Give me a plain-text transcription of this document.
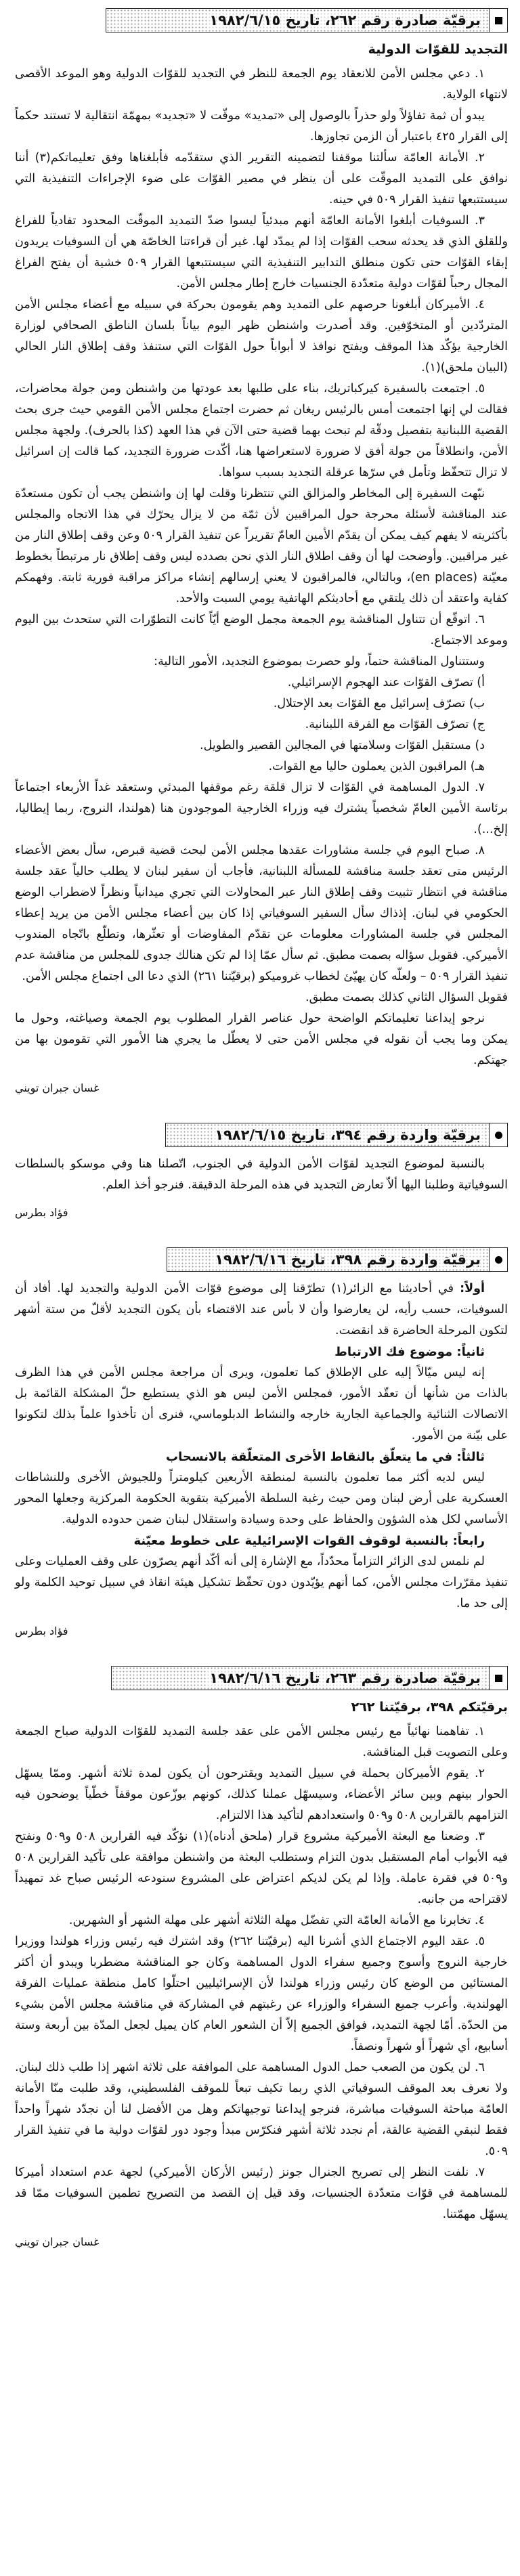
برقيّة صادرة رقم ٢٦٢، تاريخ ١٩٨٢/٦/١٥
التجديد للقوّات الدولية

١. دعي مجلس الأمن للانعقاد يوم الجمعة للنظر في التجديد للقوّات الدولية وهو الموعد الأقصى لانتهاء الولاية.

يبدو أن ثمة تفاؤلاً ولو حذراً بالوصول إلى «تمديد» موقّت لا «تجديد» بمهمّة انتقالية لا تستند حكماً إلى القرار ٤٢٥ باعتبار أن الزمن تجاوزها.

٢. الأمانة العامّة سألتنا موقفنا لتضمينه التقرير الذي ستقدّمه فأبلغناها وفق تعليماتكم(٣) أننا نوافق على التمديد الموقّت على أن ينظر في مصير القوّات على ضوء الإجراءات التنفيذية التي سيستتبعها تنفيذ القرار ٥٠٩ في حينه.

٣. السوفيات أبلغوا الأمانة العامّة أنهم مبدئياً ليسوا ضدّ التمديد الموقّت المحدود تفادياً للفراغ وللقلق الذي قد يحدثه سحب القوّات إذا لم يمدّد لها. غير أن قراءتنا الخاصّة هي أن السوفيات يريدون إبقاء القوّات حتى تكون منطلق التدابير التنفيذية التي سيستتبعها القرار ٥٠٩ خشية أن يفتح الفراغ المجال رحباً لقوّات دولية متعدّدة الجنسيات خارج إطار مجلس الأمن.

٤. الأميركان أبلغونا حرصهم على التمديد وهم يقومون بحركة في سبيله مع أعضاء مجلس الأمن المتردّدين أو المتخوّفين. وقد أصدرت واشنطن ظهر اليوم بياناً بلسان الناطق الصحافي لوزارة الخارجية يؤكّد هذا الموقف ويفتح نوافذ لا أبواباً حول القوّات التي ستنفذ وقف إطلاق النار الحالي (البيان ملحق)(١).

٥. اجتمعت بالسفيرة كيركباتريك، بناء على طلبها بعد عودتها من واشنطن ومن جولة محاضرات، فقالت لي إنها اجتمعت أمس بالرئيس ريغان ثم حضرت اجتماع مجلس الأمن القومي حيث جرى بحث القضية اللبنانية بتفصيل ودقّة لم تبحث بهما قضية حتى الآن في هذا العهد (كذا بالحرف). ولجهة مجلس الأمن، وانطلاقاً من جولة أفق لا ضرورة لاستعراضها هنا، أكّدت ضرورة التجديد، كما قالت إن اسرائيل لا تزال تتحفّظ وتأمل في سرّها عرقلة التجديد بسبب سواها.

نبّهت السفيرة إلى المخاطر والمزالق التي تنتظرنا وقلت لها إن واشنطن يجب أن تكون مستعدّة عند المناقشة لأسئلة محرجة حول المراقبين لأن ثمّة من لا يزال يحرّك في هذا الاتجاه والمجلس بأكثريته لا يفهم كيف يمكن أن يقدّم الأمين العامّ تقريراً عن تنفيذ القرار ٥٠٩ وعن وقف إطلاق النار من غير مراقبين. وأوضحت لها أن وقف اطلاق النار الذي نحن بصدده ليس وقف إطلاق نار مرتبطاً بخطوط معيّنة (en places)، وبالتالي، فالمراقبون لا يعني إرسالهم إنشاء مراكز مراقبة فورية ثابتة. وفهمكم كفاية واعتقد أن ذلك يلتقي مع أحاديثكم الهاتفية يومي السبت والأحد.

٦. اتوقّع أن تتناول المناقشة يوم الجمعة مجمل الوضع أيّاً كانت التطوّرات التي ستحدث بين اليوم وموعد الاجتماع.

وستتناول المناقشة حتماً، ولو حصرت بموضوع التجديد، الأمور التالية:

أ) تصرّف القوّات عند الهجوم الإسرائيلي.
ب) تصرّف إسرائيل مع القوّات بعد الإحتلال.
ج) تصرّف القوّات مع الفرقة اللبنانية.
د) مستقبل القوّات وسلامتها في المجالين القصير والطويل.
هـ) المراقبون الذين يعملون حاليا مع القوات.

٧. الدول المساهمة في القوّات لا تزال قلقة رغم موقفها المبدئي وستعقد غداً الأربعاء اجتماعاً برئاسة الأمين العامّ شخصياً يشترك فيه وزراء الخارجية الموجودون هنا (هولندا، النروج، ربما إيطاليا، إلخ...).

٨. صباح اليوم في جلسة مشاورات عقدها مجلس الأمن لبحث قضية قبرص، سأل بعض الأعضاء الرئيس متى تعقد جلسة مناقشة للمسألة اللبنانية، فأجاب أن سفير لبنان لا يطلب حالياً عقد جلسة مناقشة في انتظار تثبيت وقف إطلاق النار عبر المحاولات التي تجري ميدانياً ونظراً لاضطراب الوضع الحكومي في لبنان. إذذاك سأل السفير السوفياتي إذا كان بين أعضاء مجلس الأمن من يريد إعطاء المجلس في جلسة المشاورات معلومات عن تقدّم المفاوضات أو تعثّرها، وتطلّع باتّجاه المندوب الأميركي. فقوبل سؤاله بصمت مطبق. ثم سأل عمّا إذا لم تكن هنالك جدوى للمجلس من مناقشة عدم تنفيذ القرار ٥٠٩ – ولعلّه كان يهيّئ لخطاب غروميكو (برقيّتنا ٢٦١) الذي دعا الى اجتماع مجلس الأمن.

فقوبل السؤال الثاني كذلك بصمت مطبق.

نرجو إيداعنا تعليماتكم الواضحة حول عناصر القرار المطلوب يوم الجمعة وصياغته، وحول ما يمكن وما يجب أن نقوله في مجلس الأمن حتى لا يعطّل ما يجري هنا الأمور التي تقومون بها من جهتكم.

غسان جبران تويني
برقيّة واردة رقم ٣٩٤، تاريخ ١٩٨٢/٦/١٥

بالنسبة لموضوع التجديد لقوّات الأمن الدولية في الجنوب، اتّصلنا هنا وفي موسكو بالسلطات السوفياتية وطلبنا اليها ألاّ تعارض التجديد في هذه المرحلة الدقيقة. فنرجو أخذ العلم.

فؤاد بطرس
برقيّة واردة رقم ٣٩٨، تاريخ ١٩٨٢/٦/١٦

أولاً: في أحاديثنا مع الزائر(١) تطرّقنا إلى موضوع قوّات الأمن الدولية والتجديد لها. أفاد أن السوفيات، حسب رأيه، لن يعارضوا وأن لا بأس عند الاقتضاء بأن يكون التجديد لأقلّ من ستة أشهر لتكون المرحلة الحاضرة قد انقضت.

ثانياً: موضوع فك الارتباط

إنه ليس ميّالاً إليه على الإطلاق كما تعلمون، ويرى أن مراجعة مجلس الأمن في هذا الظرف بالذات من شأنها أن تعقّد الأمور، فمجلس الأمن ليس هو الذي يستطيع حلّ المشكلة القائمة بل الاتصالات الثنائية والجماعية الجارية خارجه والنشاط الدبلوماسي، فنرى أن تأخذوا علماً بذلك لتكونوا على بيّنة من الأمور.

ثالثاً: في ما يتعلّق بالنقاط الأخرى المتعلّقة بالانسحاب

ليس لديه أكثر مما تعلمون بالنسبة لمنطقة الأربعين كيلومتراً وللجيوش الأخرى وللنشاطات العسكرية على أرض لبنان ومن حيث رغبة السلطة الأميركية بتقوية الحكومة المركزية وجعلها المحور الأساسي لكل هذه الشؤون والحفاظ على وحدة وسيادة واستقلال لبنان ضمن حدوده الدولية.

رابعاً: بالنسبة لوقوف القوات الإسرائيلية على خطوط معيّنة

لم نلمس لدى الزائر التزاماً محدّداً، مع الإشارة إلى أنه أكّد أنهم يصرّون على وقف العمليات وعلى تنفيذ مقرّرات مجلس الأمن، كما أنهم يؤيّدون دون تحفّظ تشكيل هيئة انقاذ في سبيل توحيد الكلمة ولو إلى حد ما.

فؤاد بطرس
برقيّة صادرة رقم ٢٦٣، تاريخ ١٩٨٢/٦/١٦
برقيّتكم ٣٩٨، برقيّتنا ٢٦٢

١. تفاهمنا نهائياً مع رئيس مجلس الأمن على عقد جلسة التمديد للقوّات الدولية صباح الجمعة وعلى التصويت قبل المناقشة.

٢. يقوم الأميركان بحملة في سبيل التمديد ويقترحون أن يكون لمدة ثلاثة أشهر. وممّا يسهّل الحوار بينهم وبين سائر الأعضاء، وسيسهّل عملنا كذلك، كونهم يوزّعون موقفاً خطّياً يوضحون فيه التزامهم بالقرارين ٥٠٨ و٥٠٩ واستعدادهم لتأكيد هذا الالتزام.

٣. وضعنا مع البعثة الأميركية مشروع قرار (ملحق أدناه)(١) نؤكّد فيه القرارين ٥٠٨ و٥٠٩ ونفتح فيه الأبواب أمام المستقبل بدون التزام وستطلب البعثة من واشنطن موافقة على تأكيد القرارين ٥٠٨ و٥٠٩ في فقرة عاملة. وإذا لم يكن لديكم اعتراض على المشروع سنودعه الرئيس صباح غد تمهيداً لاقتراحه من جانبه.

٤. تخابرنا مع الأمانة العامّة التي تفضّل مهلة الثلاثة أشهر على مهلة الشهر أو الشهرين.

٥. عقد اليوم الاجتماع الذي أشرنا اليه (برقيّتنا ٢٦٢) وقد اشترك فيه رئيس وزراء هولندا ووزيرا خارجية النروج وأسوج وجميع سفراء الدول المساهمة وكان جو المناقشة مضطربا ويبدو أن أكثر المستائين من الوضع كان رئيس وزراء هولندا لأن الإسرائيليين احتلّوا كامل منطقة عمليات الفرقة الهولندية. وأعرب جميع السفراء والوزراء عن رغبتهم في المشاركة في مناقشة مجلس الأمن بشيء من الحدّة. أمّا لجهة التمديد، فوافق الجميع إلاّ أن الشعور العام كان يميل لجعل المدّة بين أربعة وستة أسابيع، أي شهراً أو شهراً ونصفاً.

٦. لن يكون من الصعب حمل الدول المساهمة على الموافقة على ثلاثة اشهر إذا طلب ذلك لبنان. ولا نعرف بعد الموقف السوفياتي الذي ربما تكيف تبعاً للموقف الفلسطيني، وقد طلبت منّا الأمانة العامّة مباحثة السوفيات مباشرة، فنرجو إيداعنا توجيهاتكم وهل من الأفضل لنا أن نجدّد شهراً واحداً فقط لنبقي القضية عالقة، أم نجدد ثلاثة أشهر فنكرّس مبدأ وجود دور لقوّات دولية ما في تنفيذ القرار ٥٠٩.

٧. نلفت النظر إلى تصريح الجنرال جونز (رئيس الأركان الأميركي) لجهة عدم استعداد أميركا للمساهمة في قوّات متعدّدة الجنسيات، وقد قيل إن القصد من التصريح تطمين السوفيات ممّا قد يسهّل مهمّتنا.

غسان جبران تويني
